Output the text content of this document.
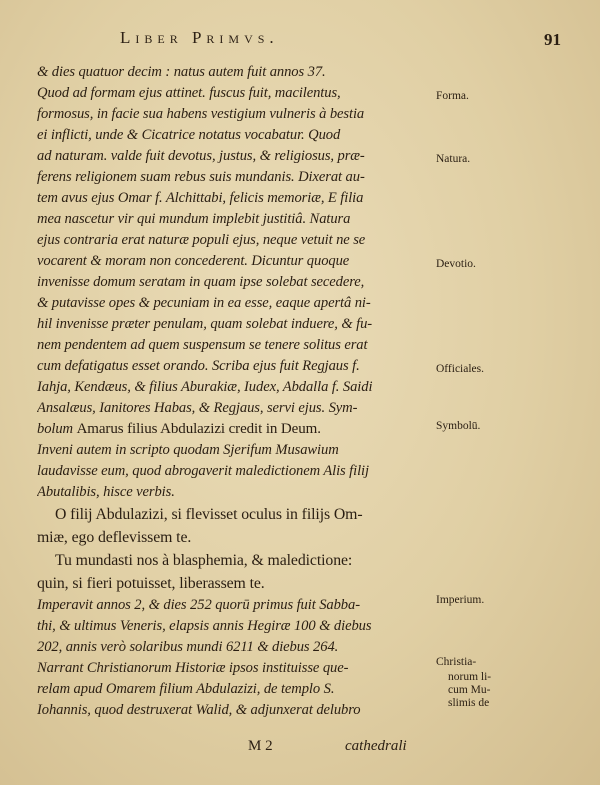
Liber Primvs.	91
& dies quatuor decim : natus autem fuit annos 37.
Quod ad formam ejus attinet. fuscus fuit, macilentus,
formosus, in facie sua habens vestigium vulneris à bestia
ei inflicti, unde & Cicatrice notatus vocabatur. Quod
ad naturam. valde fuit devotus, justus, & religiosus, præ-
ferens religionem suam rebus suis mundanis. Dixerat au-
tem avus ejus Omar f. Alchittabi, felicis memoriæ, E filia
mea nascetur vir qui mundum implebit justitiâ. Natura
ejus contraria erat naturæ populi ejus, neque vetuit ne se
vocarent & moram non concederent. Dicuntur quoque
invenisse domum seratam in quam ipse solebat secedere,
& putavisse opes & pecuniam in ea esse, eaque apertâ ni-
hil invenisse præter penulam, quam solebat induere, & fu-
nem pendentem ad quem suspensum se tenere solitus erat
cum defatigatus esset orando. Scriba ejus fuit Regjaus f.
Iahja, Kendæus, & filius Aburakiæ, Iudex, Abdalla f. Saidi
Ansalæus, Ianitores Habas, & Regjaus, servi ejus. Sym-
bolum Amarus filius Abdulazizi credit in Deum.
Inveni autem in scripto quodam Sjerifum Musawium
laudavisse eum, quod abrogaverit maledictionem Alis filij
Abutalibis, hisce verbis.
O filij Abdulazizi, si flevisset oculus in filijs Om-
miæ, ego deflevissem te.
Tu mundasti nos à blasphemia, & maledictione:
quin, si fieri potuisset, liberassem te.
Imperavit annos 2, & dies 252 quorū primus fuit Sabba-
thi, & ultimus Veneris, elapsis annis Hegiræ 100 & diebus
202, annis verò solaribus mundi 6211 & diebus 264.
Narrant Christianorum Historiæ ipsos instituisse que-
relam apud Omarem filium Abdulazizi, de templo S.
Iohannis, quod destruxerat Walid, & adjunxerat delubro
Forma.
Natura.
Devotio.
Officiales.
Symbolū.
Imperium.
Christia-
norum li-
cum Mu-
slimis de
M 2	cathedrali
